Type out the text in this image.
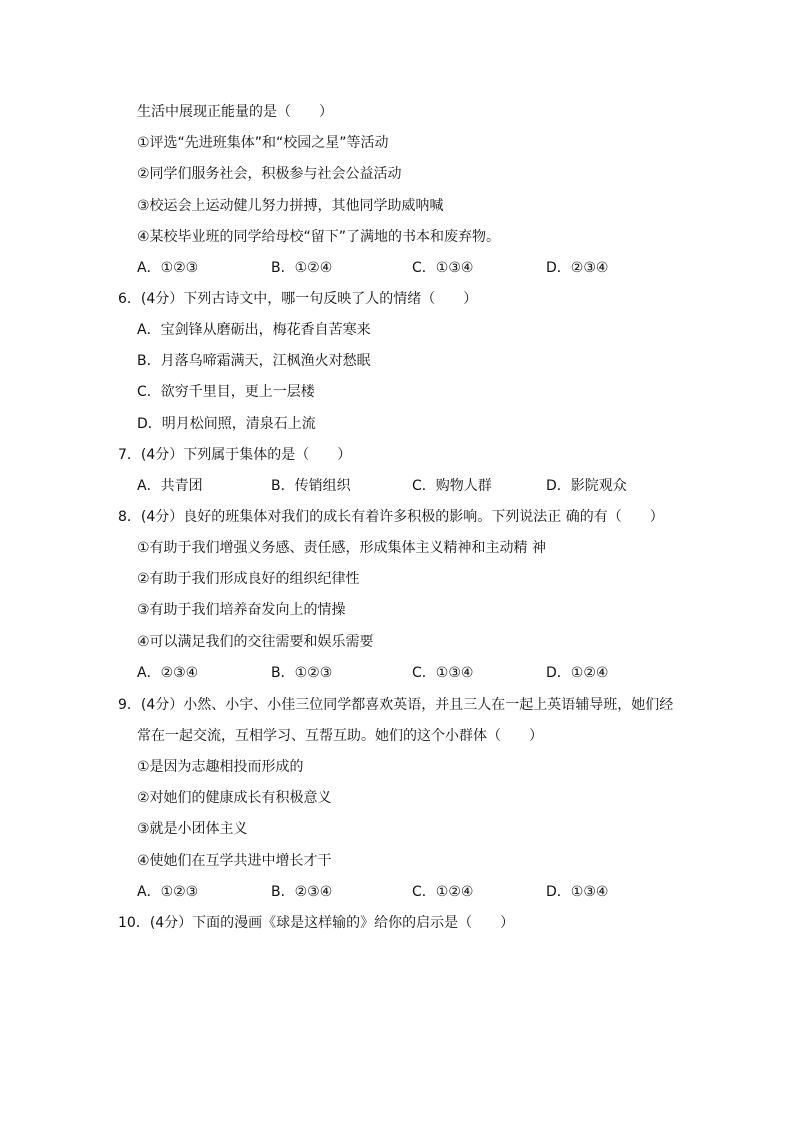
生活中展现正能量的是（　　）
①评选“先进班集体”和“校园之星”等活动
②同学们服务社会，积极参与社会公益活动
③校运会上运动健儿努力拼搏，其他同学助威呐喊
④某校毕业班的同学给母校“留下”了满地的书本和废弃物。
A．①②③	B．①②④	C．①③④	D．②③④
6．(4分）下列古诗文中，哪一句反映了人的情绪（　　）
A．宝剑锋从磨砺出，梅花香自苦寒来
B．月落乌啼霜满天，江枫渔火对愁眠
C．欲穷千里目，更上一层楼
D．明月松间照，清泉石上流
7．(4分）下列属于集体的是（　　）
A．共青团	B．传销组织	C．购物人群	D．影院观众
8．(4分）良好的班集体对我们的成长有着许多积极的影响。下列说法正 确的有（　　）
①有助于我们增强义务感、责任感，形成集体主义精神和主动精 神
②有助于我们形成良好的组织纪律性
③有助于我们培养奋发向上的情操
④可以满足我们的交往需要和娱乐需要
A．②③④	B．①②③	C．①③④	D．①②④
9．(4分）小然、小宇、小佳三位同学都喜欢英语，并且三人在一起上英语辅导班，她们经
常在一起交流，互相学习、互帮互助。她们的这个小群体（　　）
①是因为志趣相投而形成的
②对她们的健康成长有积极意义
③就是小团体主义
④使她们在互学共进中增长才干
A．①②③	B．②③④	C．①②④	D．①③④
10．(4分）下面的漫画《球是这样输的》给你的启示是（　　）
